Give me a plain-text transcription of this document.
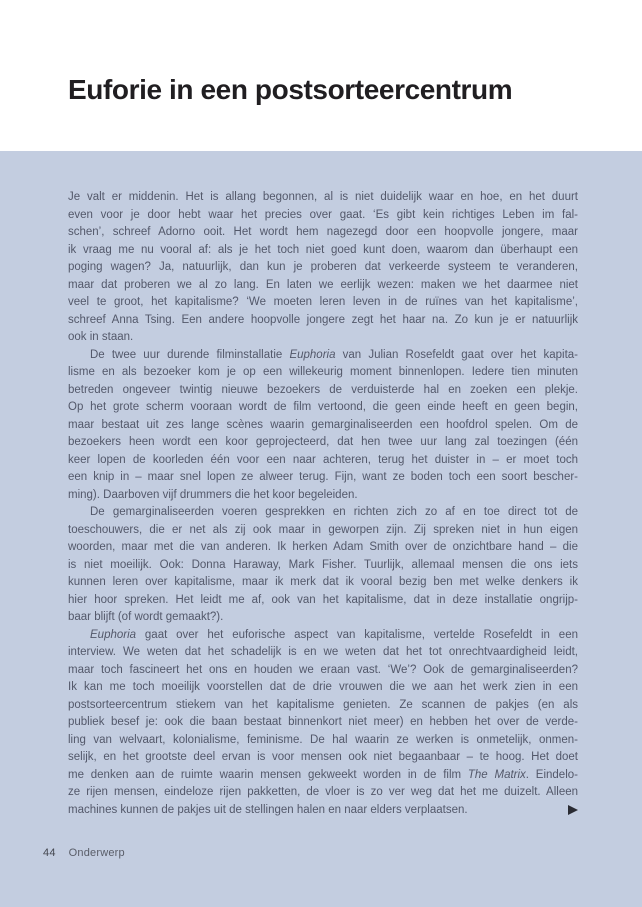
Euforie in een postsorteercentrum
Je valt er middenin. Het is allang begonnen, al is niet duidelijk waar en hoe, en het duurt
even voor je door hebt waar het precies over gaat. ‘Es gibt kein richtiges Leben im fal-
schen’, schreef Adorno ooit. Het wordt hem nagezegd door een hoopvolle jongere, maar
ik vraag me nu vooral af: als je het toch niet goed kunt doen, waarom dan überhaupt een
poging wagen? Ja, natuurlijk, dan kun je proberen dat verkeerde systeem te veranderen,
maar dat proberen we al zo lang. En laten we eerlijk wezen: maken we het daarmee niet
veel te groot, het kapitalisme? ‘We moeten leren leven in de ruïnes van het kapitalisme’,
schreef Anna Tsing. Een andere hoopvolle jongere zegt het haar na. Zo kun je er natuurlijk
ook in staan.
De twee uur durende filminstallatie Euphoria van Julian Rosefeldt gaat over het kapita-
lisme en als bezoeker kom je op een willekeurig moment binnenlopen. Iedere tien minuten
betreden ongeveer twintig nieuwe bezoekers de verduisterde hal en zoeken een plekje.
Op het grote scherm vooraan wordt de film vertoond, die geen einde heeft en geen begin,
maar bestaat uit zes lange scènes waarin gemarginaliseerden een hoofdrol spelen. Om de
bezoekers heen wordt een koor geprojecteerd, dat hen twee uur lang zal toezingen (één
keer lopen de koorleden één voor een naar achteren, terug het duister in – er moet toch
een knip in – maar snel lopen ze alweer terug. Fijn, want ze boden toch een soort bescher-
ming). Daarboven vijf drummers die het koor begeleiden.
De gemarginaliseerden voeren gesprekken en richten zich zo af en toe direct tot de
toeschouwers, die er net als zij ook maar in geworpen zijn. Zij spreken niet in hun eigen
woorden, maar met die van anderen. Ik herken Adam Smith over de onzichtbare hand – die
is niet moeilijk. Ook: Donna Haraway, Mark Fisher. Tuurlijk, allemaal mensen die ons iets
kunnen leren over kapitalisme, maar ik merk dat ik vooral bezig ben met welke denkers ik
hier hoor spreken. Het leidt me af, ook van het kapitalisme, dat in deze installatie ongrijp-
baar blijft (of wordt gemaakt?).
Euphoria gaat over het euforische aspect van kapitalisme, vertelde Rosefeldt in een
interview. We weten dat het schadelijk is en we weten dat het tot onrechtvaardigheid leidt,
maar toch fascineert het ons en houden we eraan vast. ‘We’? Ook de gemarginaliseerden?
Ik kan me toch moeilijk voorstellen dat de drie vrouwen die we aan het werk zien in een
postsorteercentrum stiekem van het kapitalisme genieten. Ze scannen de pakjes (en als
publiek besef je: ook die baan bestaat binnenkort niet meer) en hebben het over de verde-
ling van welvaart, kolonialisme, feminisme. De hal waarin ze werken is onmetelijk, onmen-
selijk, en het grootste deel ervan is voor mensen ook niet begaanbaar – te hoog. Het doet
me denken aan de ruimte waarin mensen gekweekt worden in de film The Matrix. Eindelo-
ze rijen mensen, eindeloze rijen pakketten, de vloer is zo ver weg dat het me duizelt. Alleen
machines kunnen de pakjes uit de stellingen halen en naar elders verplaatsen.
44 Onderwerp
